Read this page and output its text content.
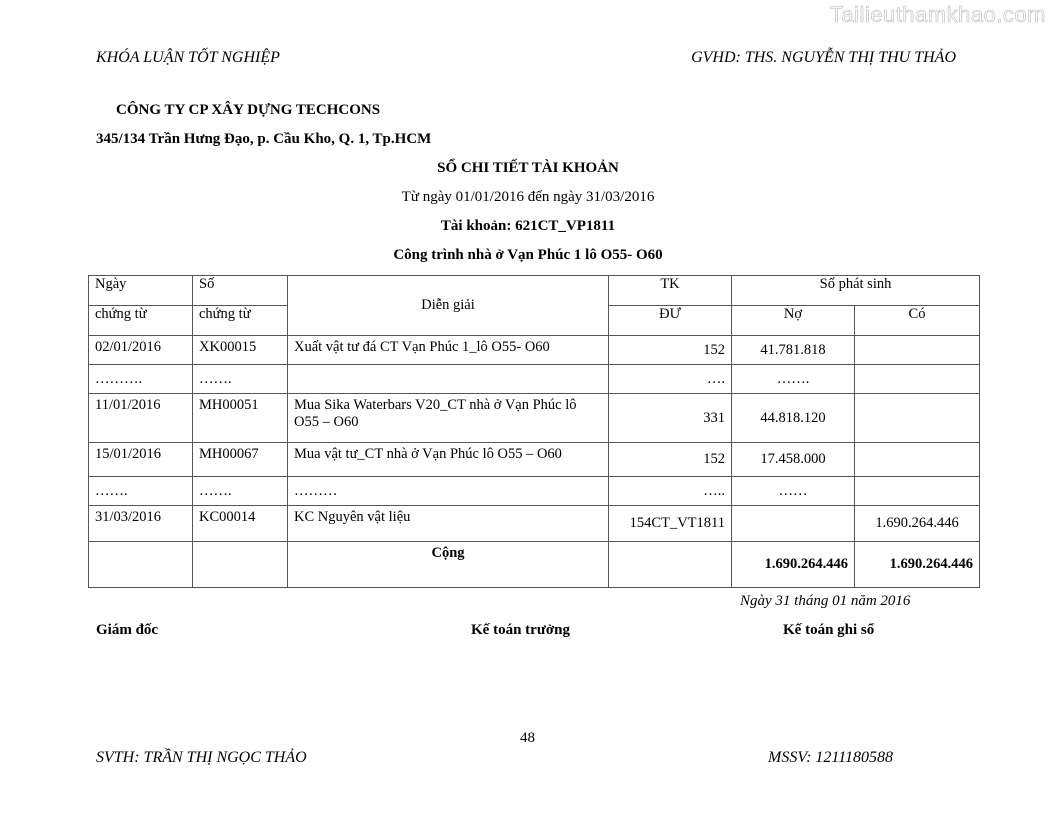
Tailieuthamkhao.com
KHÓA LUẬN TỐT NGHIỆP	GVHD: THS. NGUYỄN THỊ THU THẢO
CÔNG TY CP XÂY DỰNG TECHCONS
345/134 Trần Hưng Đạo, p. Cầu Kho, Q. 1, Tp.HCM
SỔ CHI TIẾT TÀI KHOẢN
Từ ngày 01/01/2016 đến ngày 31/03/2016
Tài khoản: 621CT_VP1811
Công trình nhà ở Vạn Phúc 1 lô O55- O60
Ngày	Số	Diễn giải	TK	Số phát sinh	
chứng từ	chứng từ		ĐƯ	Nợ	Có
02/01/2016	XK00015	Xuất vật tư đá CT Vạn Phúc 1_lô O55- O60	152	41.781.818	
……….	…….		….	…….	
11/01/2016	MH00051	Mua Sika Waterbars V20_CT nhà ở Vạn Phúc lô O55 – O60	331	44.818.120	
15/01/2016	MH00067	Mua vật tư_CT nhà ở Vạn Phúc lô O55 – O60	152	17.458.000	
…….	…….	………	…..	……	
31/03/2016	KC00014	KC Nguyên vật liệu	154CT_VT1811		1.690.264.446
		Cộng		1.690.264.446	1.690.264.446
Ngày 31 tháng 01 năm 2016
Giám đốc	Kế toán trưởng	Kế toán ghi sổ
48
SVTH: TRẦN THỊ NGỌC THẢO	MSSV: 1211180588
